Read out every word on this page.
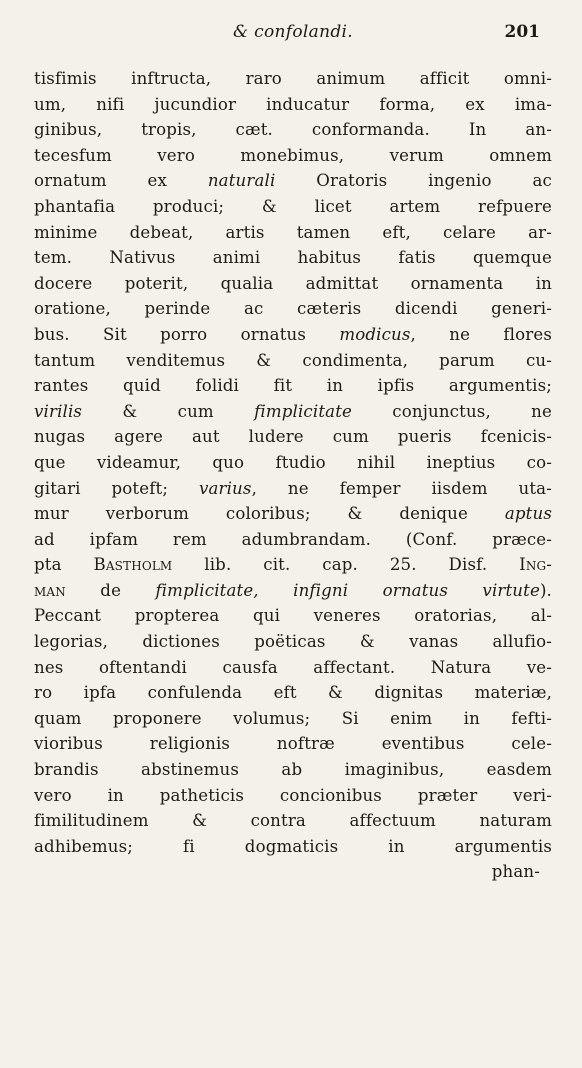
& confolandi.	201
tisfimis inftructa, raro animum afficit omni-
um, nifi jucundior inducatur forma, ex ima-
ginibus, tropis, cæt. conformanda. In an-
tecesfum vero monebimus, verum omnem
ornatum ex naturali Oratoris ingenio ac
phantafia produci; & licet artem refpuere
minime debeat, artis tamen eft, celare ar-
tem. Nativus animi habitus fatis quemque
docere poterit, qualia admittat ornamenta in
oratione, perinde ac cæteris dicendi generi-
bus. Sit porro ornatus modicus, ne flores
tantum venditemus & condimenta, parum cu-
rantes quid folidi fit in ipfis argumentis;
virilis & cum fimplicitate conjunctus, ne
nugas agere aut ludere cum pueris fcenicis-
que videamur, quo ftudio nihil ineptius co-
gitari poteft; varius, ne femper iisdem uta-
mur verborum coloribus; & denique aptus
ad ipfam rem adumbrandam. (Conf. præce-
pta Bastholm lib. cit. cap. 25. Disf. Ing-
man de fimplicitate, infigni ornatus virtute).
Peccant propterea qui veneres oratorias, al-
legorias, dictiones poëticas & vanas allufio-
nes oftentandi causfa affectant. Natura ve-
ro ipfa confulenda eft & dignitas materiæ,
quam proponere volumus; Si enim in fefti-
vioribus religionis noftræ eventibus cele-
brandis abstinemus ab imaginibus, easdem
vero in patheticis concionibus præter veri-
fimilitudinem & contra affectuum naturam
adhibemus; fi dogmaticis in argumentis
phan-
